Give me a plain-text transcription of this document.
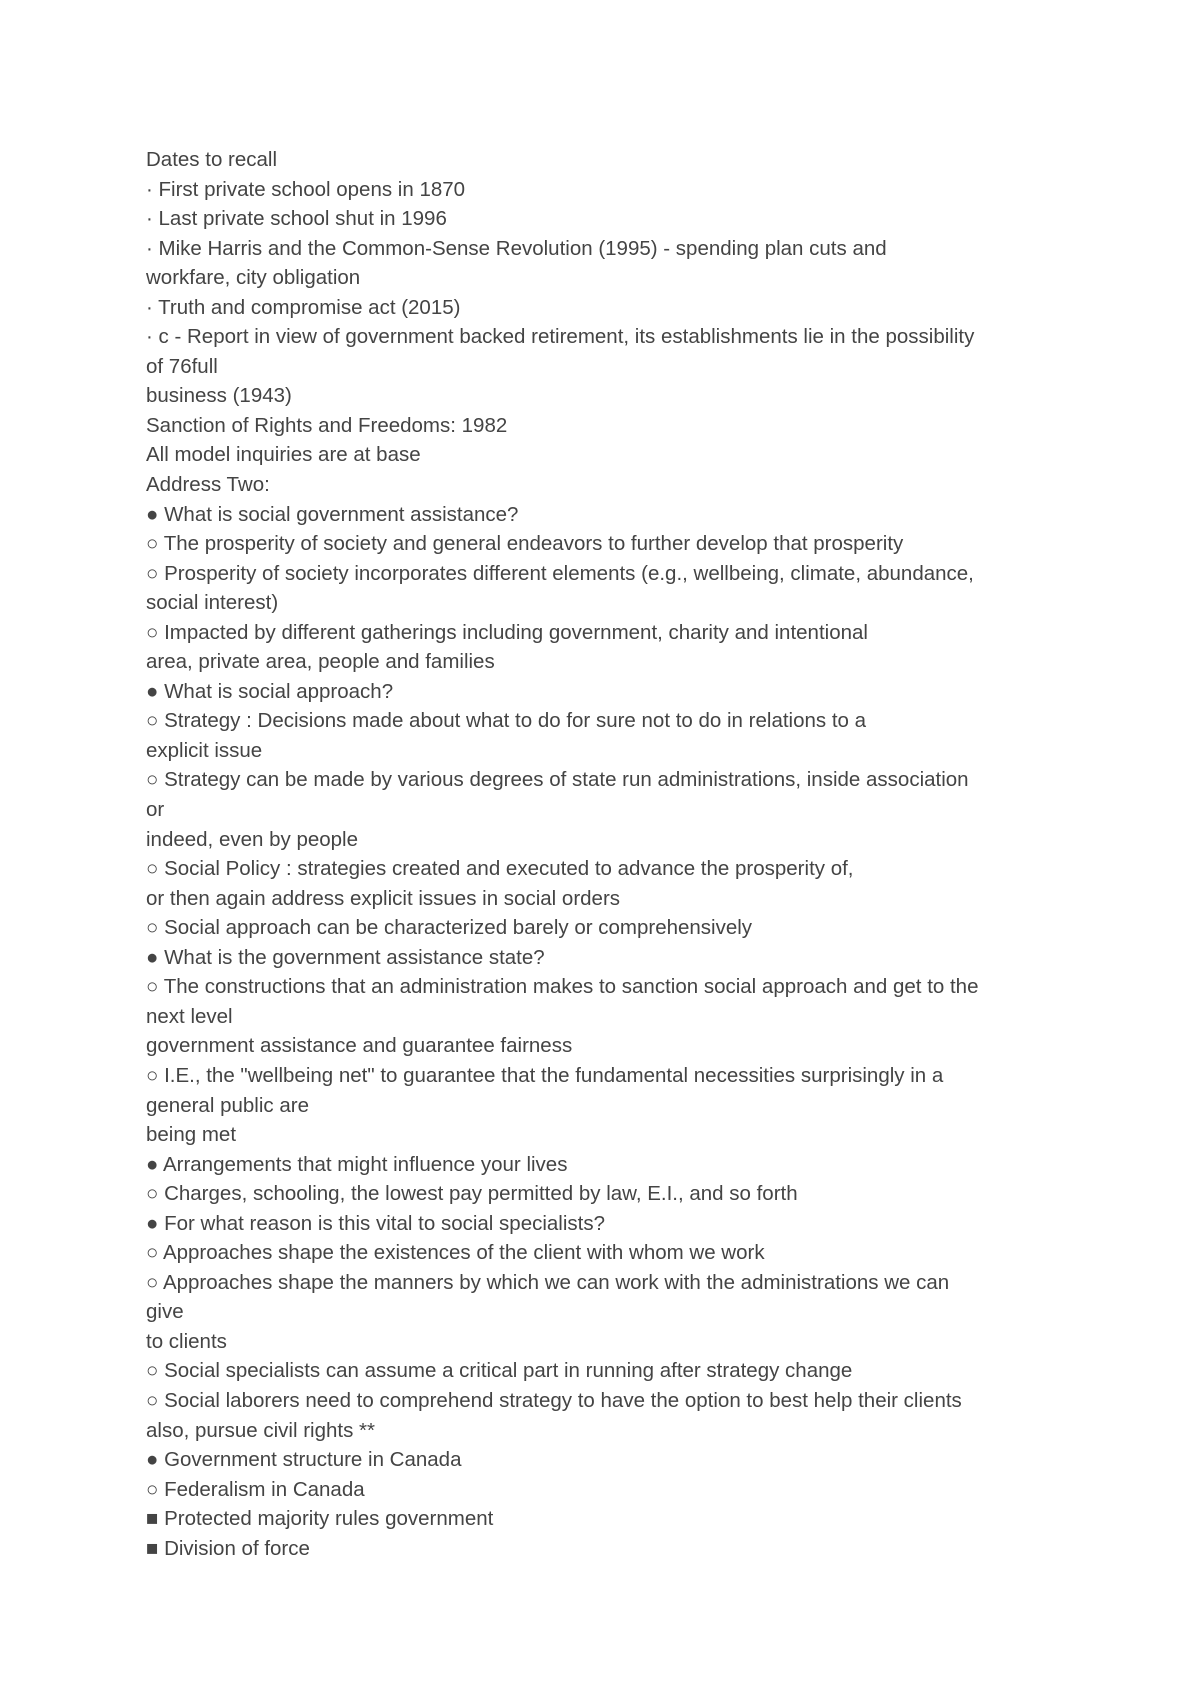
Dates to recall
· First private school opens in 1870
· Last private school shut in 1996
· Mike Harris and the Common-Sense Revolution (1995) - spending plan cuts and
workfare, city obligation
· Truth and compromise act (2015)
· c - Report in view of government backed retirement, its establishments lie in the possibility
of 76full
business (1943)
Sanction of Rights and Freedoms: 1982
All model inquiries are at base
Address Two:
● What is social government assistance?
○ The prosperity of society and general endeavors to further develop that prosperity
○ Prosperity of society incorporates different elements (e.g., wellbeing, climate, abundance,
social interest)
○ Impacted by different gatherings including government, charity and intentional
area, private area, people and families
● What is social approach?
○ Strategy : Decisions made about what to do for sure not to do in relations to a
explicit issue
○ Strategy can be made by various degrees of state run administrations, inside association
or
indeed, even by people
○ Social Policy : strategies created and executed to advance the prosperity of,
or then again address explicit issues in social orders
○ Social approach can be characterized barely or comprehensively
● What is the government assistance state?
○ The constructions that an administration makes to sanction social approach and get to the
next level
government assistance and guarantee fairness
○ I.E., the "wellbeing net" to guarantee that the fundamental necessities surprisingly in a
general public are
being met
● Arrangements that might influence your lives
○ Charges, schooling, the lowest pay permitted by law, E.I., and so forth
● For what reason is this vital to social specialists?
○ Approaches shape the existences of the client with whom we work
○ Approaches shape the manners by which we can work with the administrations we can
give
to clients
○ Social specialists can assume a critical part in running after strategy change
○ Social laborers need to comprehend strategy to have the option to best help their clients
also, pursue civil rights **
● Government structure in Canada
○ Federalism in Canada
■ Protected majority rules government
■ Division of force
